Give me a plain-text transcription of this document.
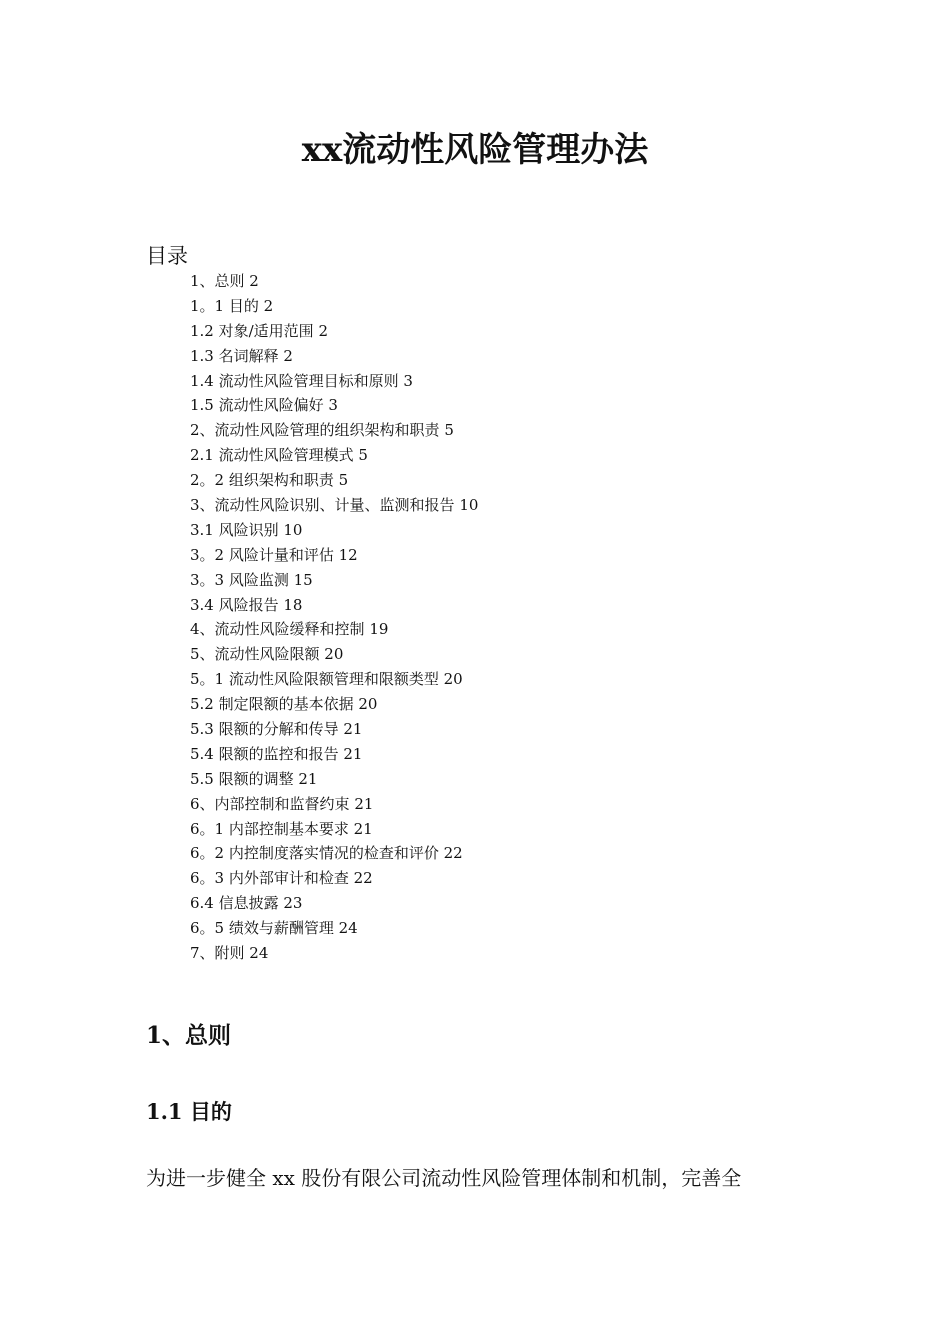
xx流动性风险管理办法
目录
1、总则 2
1。1 目的 2
1.2 对象/适用范围 2
1.3 名词解释 2
1.4 流动性风险管理目标和原则 3
1.5 流动性风险偏好 3
2、流动性风险管理的组织架构和职责 5
2.1 流动性风险管理模式 5
2。2 组织架构和职责 5
3、流动性风险识别、计量、监测和报告 10
3.1 风险识别 10
3。2 风险计量和评估 12
3。3 风险监测 15
3.4 风险报告 18
4、流动性风险缓释和控制 19
5、流动性风险限额 20
5。1 流动性风险限额管理和限额类型 20
5.2 制定限额的基本依据 20
5.3 限额的分解和传导 21
5.4 限额的监控和报告 21
5.5 限额的调整 21
6、内部控制和监督约束 21
6。1 内部控制基本要求 21
6。2 内控制度落实情况的检查和评价 22
6。3 内外部审计和检查 22
6.4 信息披露 23
6。5 绩效与薪酬管理 24
7、附则 24
1、总则
1.1 目的

为进一步健全 xx 股份有限公司流动性风险管理体制和机制，完善全
